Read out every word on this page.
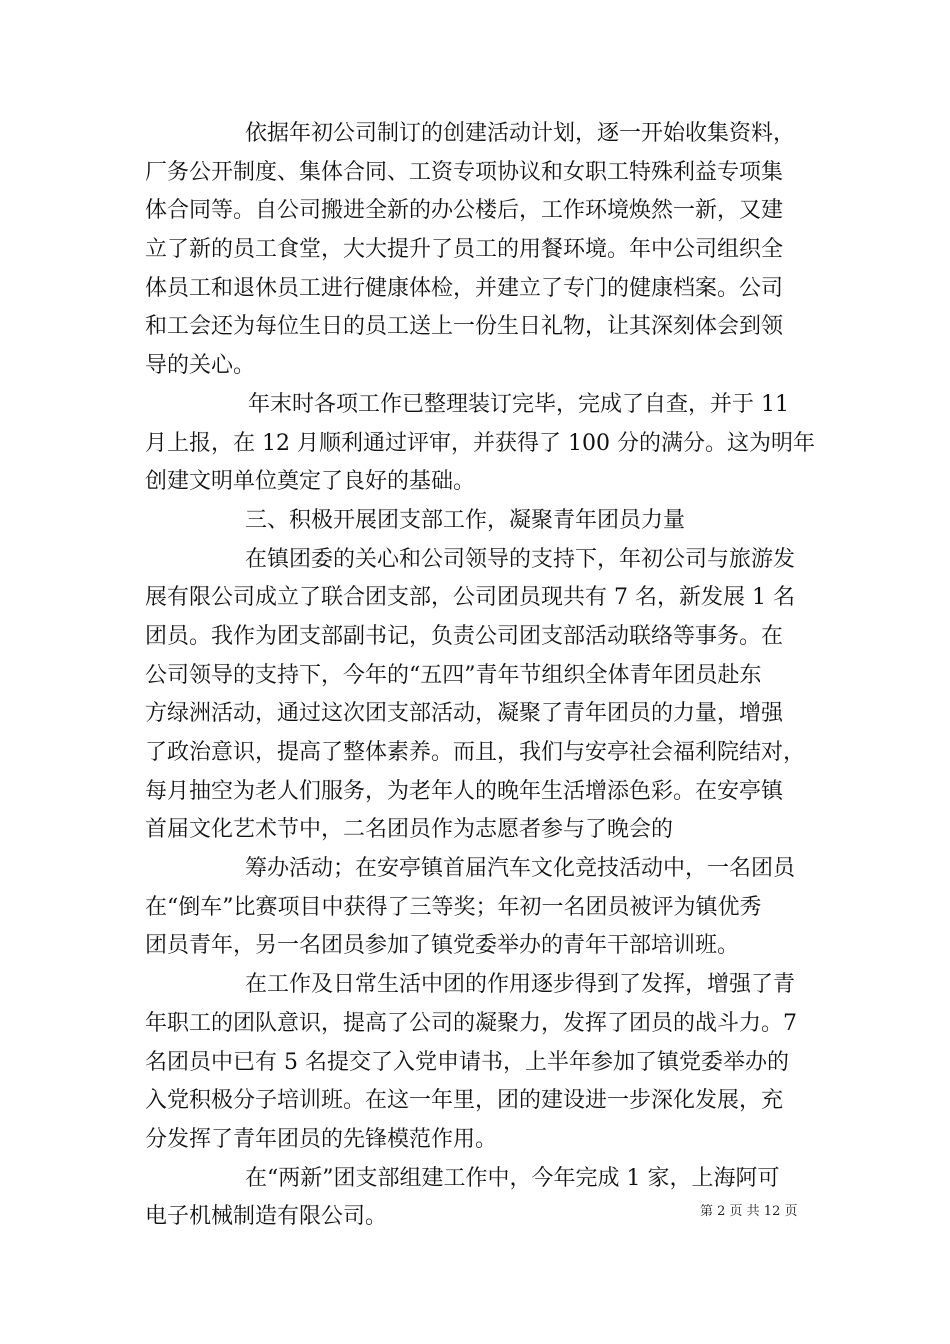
依据年初公司制订的创建活动计划，逐一开始收集资料，
厂务公开制度、集体合同、工资专项协议和女职工特殊利益专项集
体合同等。自公司搬进全新的办公楼后，工作环境焕然一新，又建
立了新的员工食堂，大大提升了员工的用餐环境。年中公司组织全
体员工和退休员工进行健康体检，并建立了专门的健康档案。公司
和工会还为每位生日的员工送上一份生日礼物，让其深刻体会到领
导的关心。
年末时各项工作已整理装订完毕，完成了自查，并于 11
月上报，在 12 月顺利通过评审，并获得了 100 分的满分。这为明年
创建文明单位奠定了良好的基础。
三、积极开展团支部工作，凝聚青年团员力量
在镇团委的关心和公司领导的支持下，年初公司与旅游发
展有限公司成立了联合团支部，公司团员现共有 7 名，新发展 1 名
团员。我作为团支部副书记，负责公司团支部活动联络等事务。在
公司领导的支持下，今年的“五四”青年节组织全体青年团员赴东
方绿洲活动，通过这次团支部活动，凝聚了青年团员的力量，增强
了政治意识，提高了整体素养。而且，我们与安亭社会福利院结对，
每月抽空为老人们服务，为老年人的晚年生活增添色彩。在安亭镇
首届文化艺术节中，二名团员作为志愿者参与了晚会的
筹办活动；在安亭镇首届汽车文化竞技活动中，一名团员
在“倒车”比赛项目中获得了三等奖；年初一名团员被评为镇优秀
团员青年，另一名团员参加了镇党委举办的青年干部培训班。
在工作及日常生活中团的作用逐步得到了发挥，增强了青
年职工的团队意识，提高了公司的凝聚力，发挥了团员的战斗力。7
名团员中已有 5 名提交了入党申请书，上半年参加了镇党委举办的
入党积极分子培训班。在这一年里，团的建设进一步深化发展，充
分发挥了青年团员的先锋模范作用。
在“两新”团支部组建工作中，今年完成 1 家，上海阿可
电子机械制造有限公司。	第 2 页 共 12 页
